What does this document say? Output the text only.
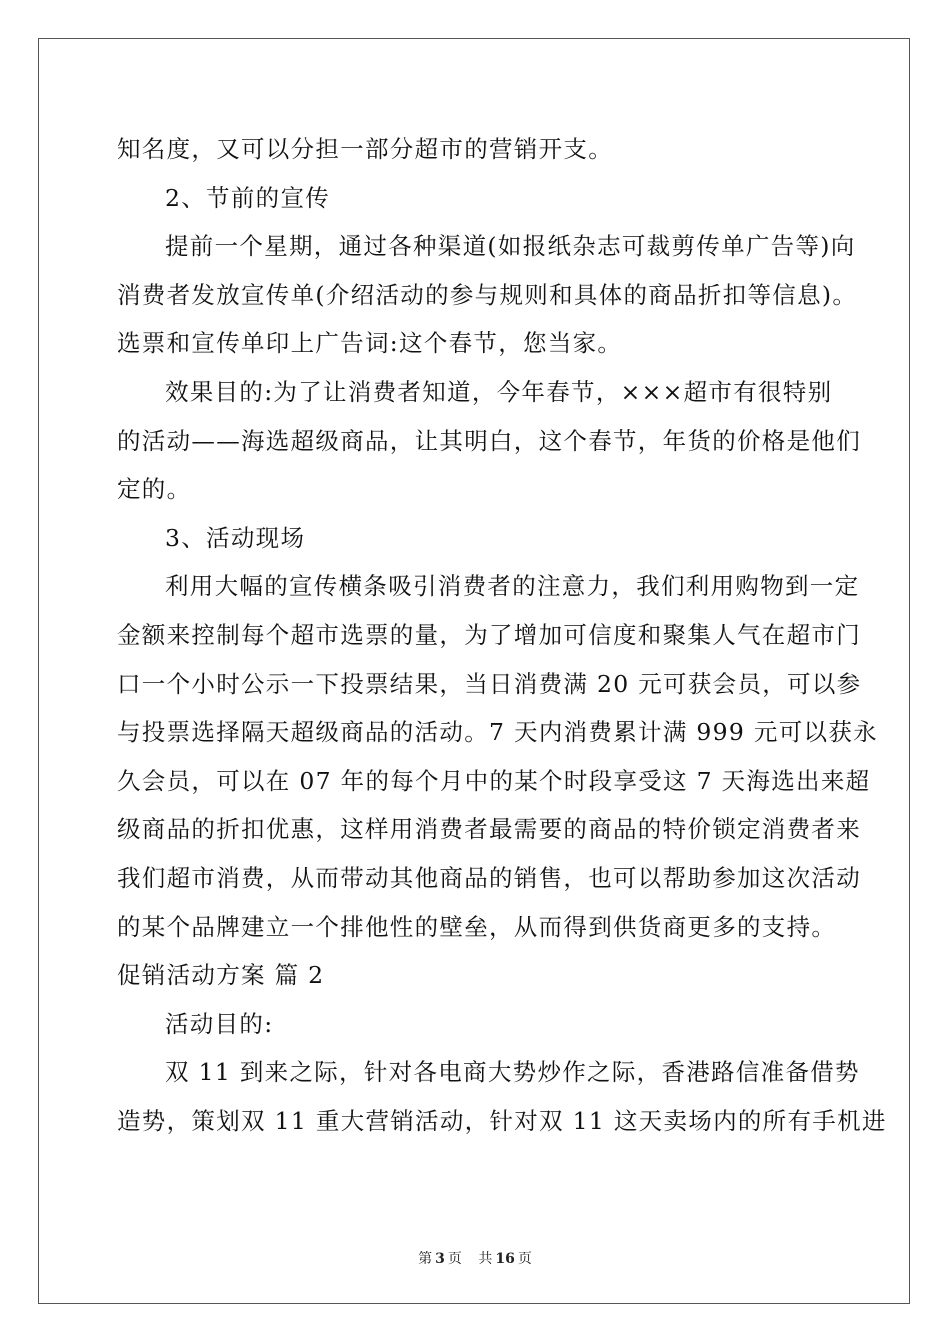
知名度，又可以分担一部分超市的营销开支。
2、节前的宣传
提前一个星期，通过各种渠道(如报纸杂志可裁剪传单广告等)向
消费者发放宣传单(介绍活动的参与规则和具体的商品折扣等信息)。
选票和宣传单印上广告词:这个春节，您当家。
效果目的:为了让消费者知道，今年春节，×××超市有很特别
的活动——海选超级商品，让其明白，这个春节，年货的价格是他们
定的。
3、活动现场
利用大幅的宣传横条吸引消费者的注意力，我们利用购物到一定
金额来控制每个超市选票的量，为了增加可信度和聚集人气在超市门
口一个小时公示一下投票结果，当日消费满 20 元可获会员，可以参
与投票选择隔天超级商品的活动。7 天内消费累计满 999 元可以获永
久会员，可以在 07 年的每个月中的某个时段享受这 7 天海选出来超
级商品的折扣优惠，这样用消费者最需要的商品的特价锁定消费者来
我们超市消费，从而带动其他商品的销售，也可以帮助参加这次活动
的某个品牌建立一个排他性的壁垒，从而得到供货商更多的支持。
促销活动方案 篇 2
活动目的:
双 11 到来之际，针对各电商大势炒作之际，香港路信准备借势
造势，策划双 11 重大营销活动，针对双 11 这天卖场内的所有手机进
第 3 页 共 16 页
